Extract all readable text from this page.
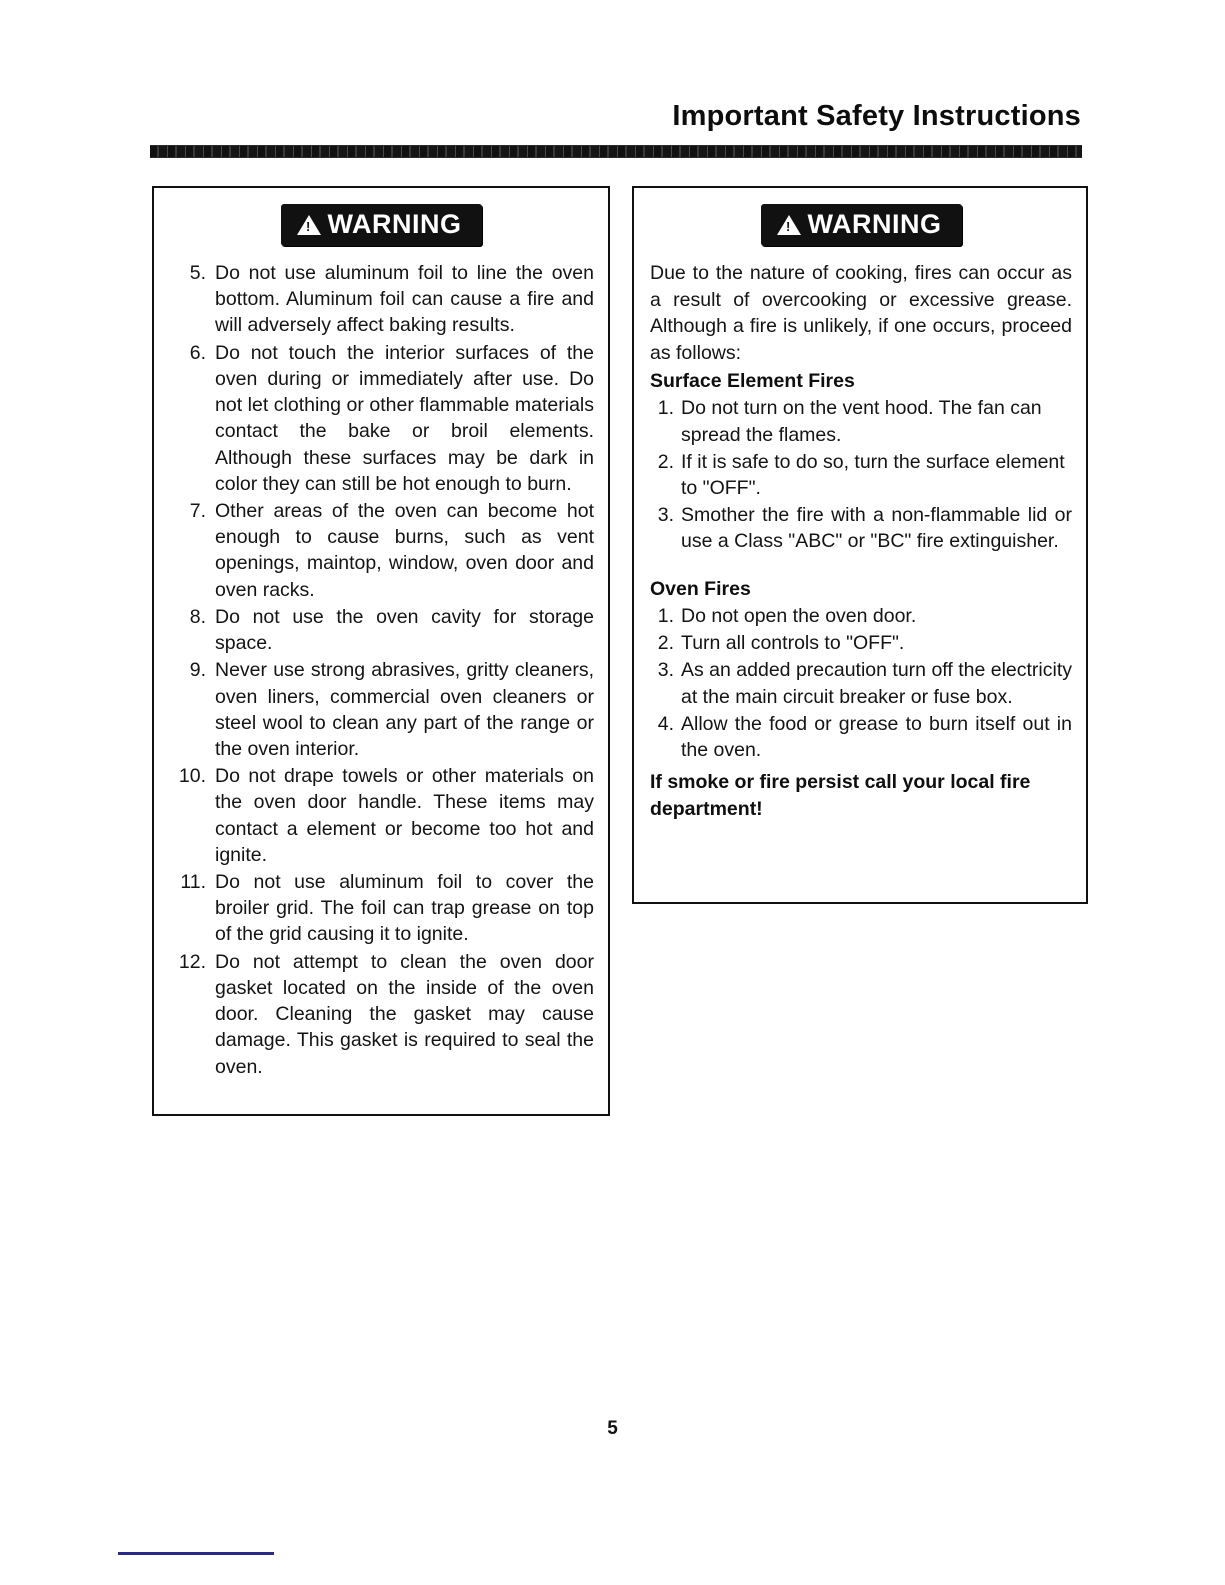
Important Safety Instructions
!
WARNING
5. Do not use aluminum foil to line the oven bottom. Aluminum foil can cause a fire and will adversely affect baking results.
6. Do not touch the interior surfaces of the oven during or immediately after use. Do not let clothing or other flammable materials contact the bake or broil elements. Although these surfaces may be dark in color they can still be hot enough to burn.
7. Other areas of the oven can become hot enough to cause burns, such as vent openings, maintop, window, oven door and oven racks.
8. Do not use the oven cavity for storage space.
9. Never use strong abrasives, gritty cleaners, oven liners, commercial oven cleaners or steel wool to clean any part of the range or the oven interior.
10. Do not drape towels or other materials on the oven door handle. These items may contact a element or become too hot and ignite.
11. Do not use aluminum foil to cover the broiler grid. The foil can trap grease on top of the grid causing it to ignite.
12. Do not attempt to clean the oven door gasket located on the inside of the oven door. Cleaning the gasket may cause damage. This gasket is required to seal the oven.
!
WARNING

Due to the nature of cooking, fires can occur as a result of overcooking or excessive grease. Although a fire is unlikely, if one occurs, proceed as follows:

Surface Element Fires
1. Do not turn on the vent hood. The fan can spread the flames.
2. If it is safe to do so, turn the surface element to "OFF".
3. Smother the fire with a non-flammable lid or use a Class "ABC" or "BC" fire extinguisher.
Oven Fires
1. Do not open the oven door.
2. Turn all controls to "OFF".
3. As an added precaution turn off the electricity at the main circuit breaker or fuse box.
4. Allow the food or grease to burn itself out in the oven.
If smoke or fire persist call your local fire department!
5
